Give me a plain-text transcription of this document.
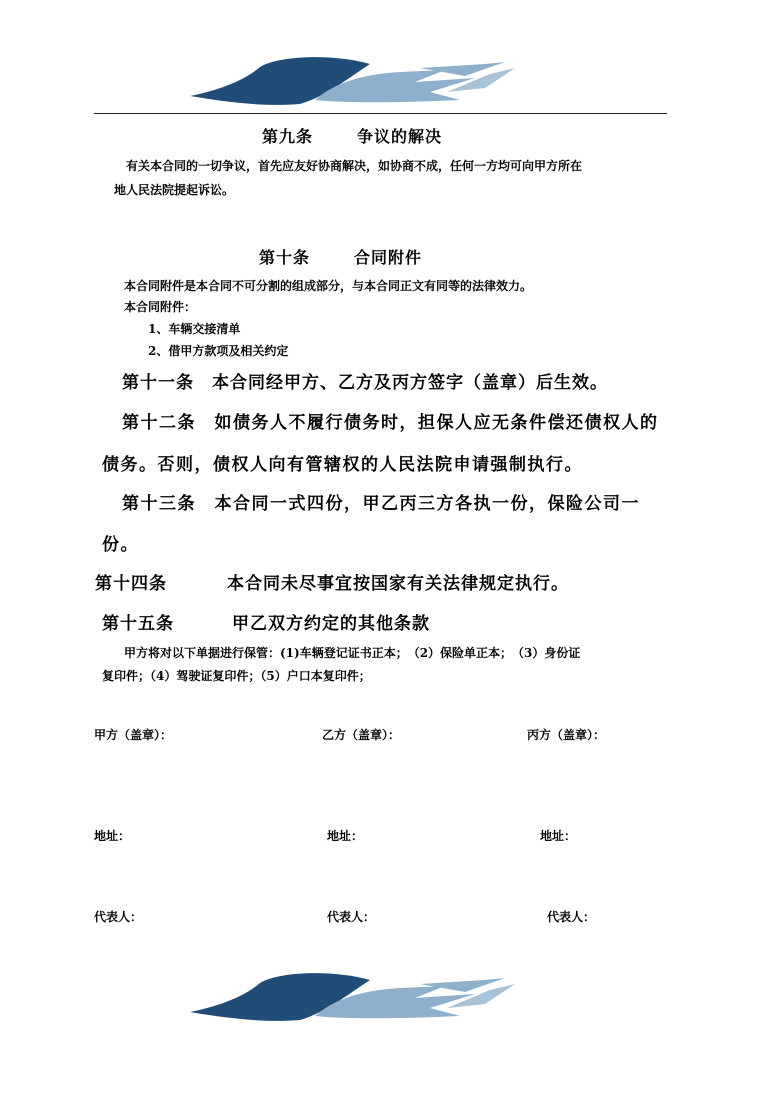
第九条	争议的解决

有关本合同的一切争议，首先应友好协商解决，如协商不成，任何一方均可向甲方所在

地人民法院提起诉讼。

第十条	合同附件

本合同附件是本合同不可分割的组成部分，与本合同正文有同等的法律效力。

本合同附件：

1、车辆交接清单

2、借甲方款项及相关约定

第十一条　本合同经甲方、乙方及丙方签字（盖章）后生效。

第十二条　如债务人不履行债务时，担保人应无条件偿还债权人的

债务。否则，债权人向有管辖权的人民法院申请强制执行。

第十三条　本合同一式四份，甲乙丙三方各执一份，保险公司一

份。

第十四条	本合同未尽事宜按国家有关法律规定执行。
第十五条	甲乙双方约定的其他条款

甲方将对以下单据进行保管：(1)车辆登记证书正本；　（2）保险单正本；　（3）身份证

复印件；（4）驾驶证复印件；（5）户口本复印件；

甲方（盖章）：	乙方（盖章）：	丙方（盖章）：
地址：	地址：	地址：
代表人：	代表人：	代表人：
